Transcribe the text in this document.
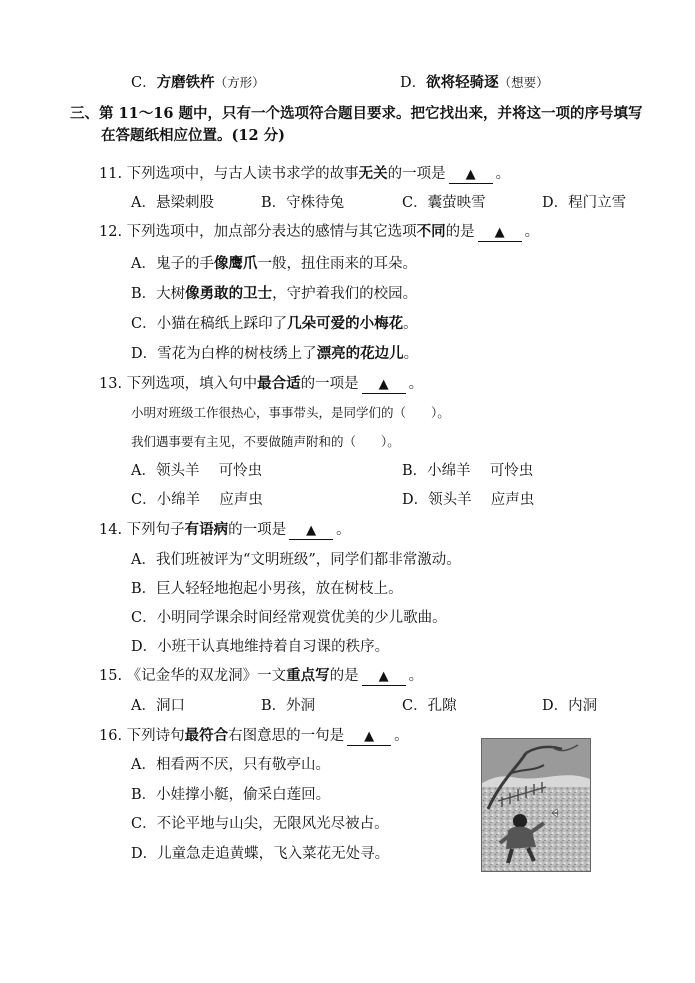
C．方磨铁杵（方形）	D．欲将轻骑逐（想要）
三、第 11～16 题中，只有一个选项符合题目要求。把它找出来，并将这一项的序号填写
在答题纸相应位置。(12 分)
11. 下列选项中，与古人读书求学的故事无关的一项是 ▲ 。
A．悬梁刺股	B．守株待兔	C．囊萤映雪	D．程门立雪
12. 下列选项中，加点部分表达的感情与其它选项不同的是 ▲ 。
A．鬼子的手像鹰爪一般，扭住雨来的耳朵。
B．大树像勇敢的卫士，守护着我们的校园。
C．小猫在稿纸上踩印了几朵可爱的小梅花。
D．雪花为白桦的树枝绣上了漂亮的花边儿。
13. 下列选项，填入句中最合适的一项是 ▲ 。
小明对班级工作很热心，事事带头，是同学们的（　　）。
我们遇事要有主见，不要做随声附和的（　　）。
A．领头羊　 可怜虫	B．小绵羊　 可怜虫
C．小绵羊　 应声虫	D．领头羊　 应声虫
14. 下列句子有语病的一项是 ▲ 。
A．我们班被评为“文明班级”，同学们都非常激动。
B．巨人轻轻地抱起小男孩，放在树枝上。
C．小明同学课余时间经常观赏优美的少儿歌曲。
D．小班干认真地维持着自习课的秩序。
15. 《记金华的双龙洞》一文重点写的是 ▲ 。
A．洞口	B．外洞	C．孔隙	D．内洞
16. 下列诗句最符合右图意思的一句是 ▲ 。
A．相看两不厌，只有敬亭山。
B．小娃撑小艇，偷采白莲回。
C．不论平地与山尖，无限风光尽被占。
D．儿童急走追黄蝶，飞入菜花无处寻。
